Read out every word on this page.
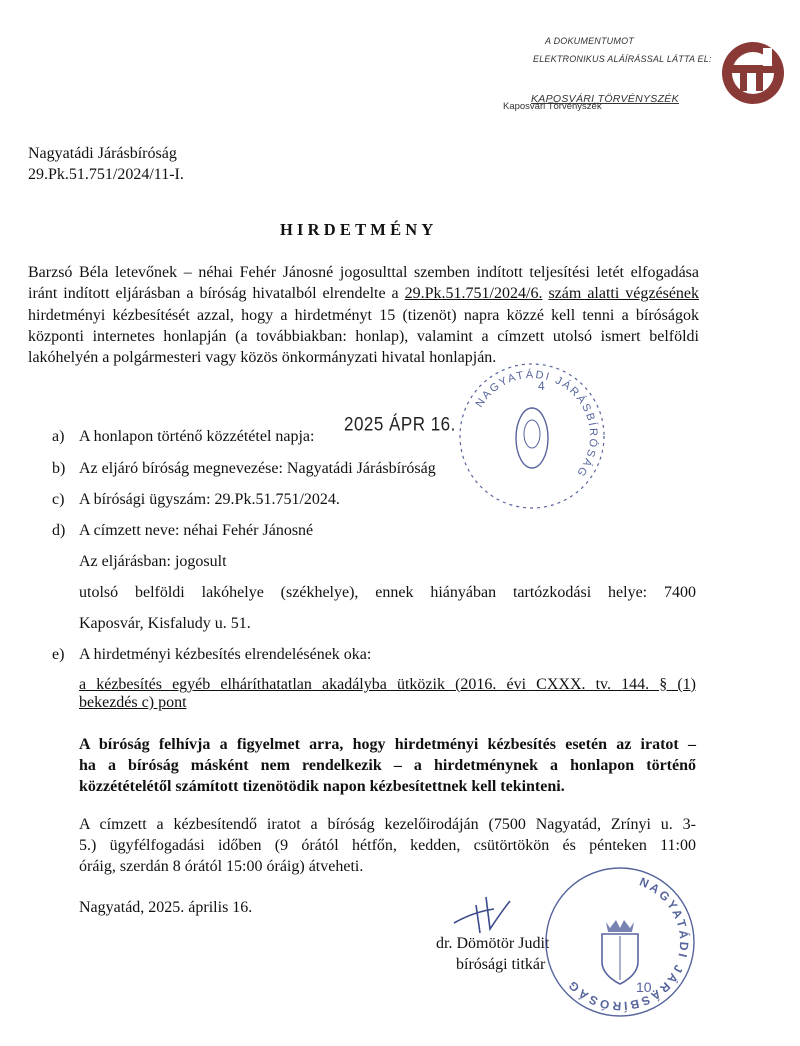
A DOKUMENTUMOT
ELEKTRONIKUS ALÁÍRÁSSAL LÁTTA EL:
KAPOSVÁRI TÖRVÉNYSZÉK
Kaposvári Törvényszék
Nagyatádi Járásbíróság
29.Pk.51.751/2024/11-I.
HIRDETMÉNY
Barzsó Béla letevőnek – néhai Fehér Jánosné jogosulttal szemben indított teljesítési letét elfogadása iránt indított eljárásban a bíróság hivatalból elrendelte a 29.Pk.51.751/2024/6. szám alatti végzésének hirdetményi kézbesítését azzal, hogy a hirdetményt 15 (tizenöt) napra közzé kell tenni a bíróságok központi internetes honlapján (a továbbiakban: honlap), valamint a címzett utolsó ismert belföldi lakóhelyén a polgármesteri vagy közös önkormányzati hivatal honlapján.
a) A honlapon történő közzététel napja:
2025 ÁPR 16.
b) Az eljáró bíróság megnevezése: Nagyatádi Járásbíróság
c) A bírósági ügyszám: 29.Pk.51.751/2024.
d) A címzett neve: néhai Fehér Jánosné
Az eljárásban: jogosult
utolsó belföldi lakóhelye (székhelye), ennek hiányában tartózkodási helye: 7400
Kaposvár, Kisfaludy u. 51.
e) A hirdetményi kézbesítés elrendelésének oka:
a kézbesítés egyéb elháríthatatlan akadályba ütközik (2016. évi CXXX. tv. 144. § (1)
bekezdés c) pont
A bíróság felhívja a figyelmet arra, hogy hirdetményi kézbesítés esetén az iratot –
ha a bíróság másként nem rendelkezik – a hirdetménynek a honlapon történő
közzétételétől számított tizenötödik napon kézbesítettnek kell tekinteni.
A címzett a kézbesítendő iratot a bíróság kezelőirodáján (7500 Nagyatád, Zrínyi u. 3-
5.) ügyfélfogadási időben (9 órától hétfőn, kedden, csütörtökön és pénteken 11:00
óráig, szerdán 8 órától 15:00 óráig) átveheti.
Nagyatád, 2025. április 16.
dr. Dömötör Judit
bírósági titkár
NAGYATÁDI JÁRÁSBÍRÓSÁG
4
NAGYATÁDI JÁRÁSBÍRÓSÁG	10.
